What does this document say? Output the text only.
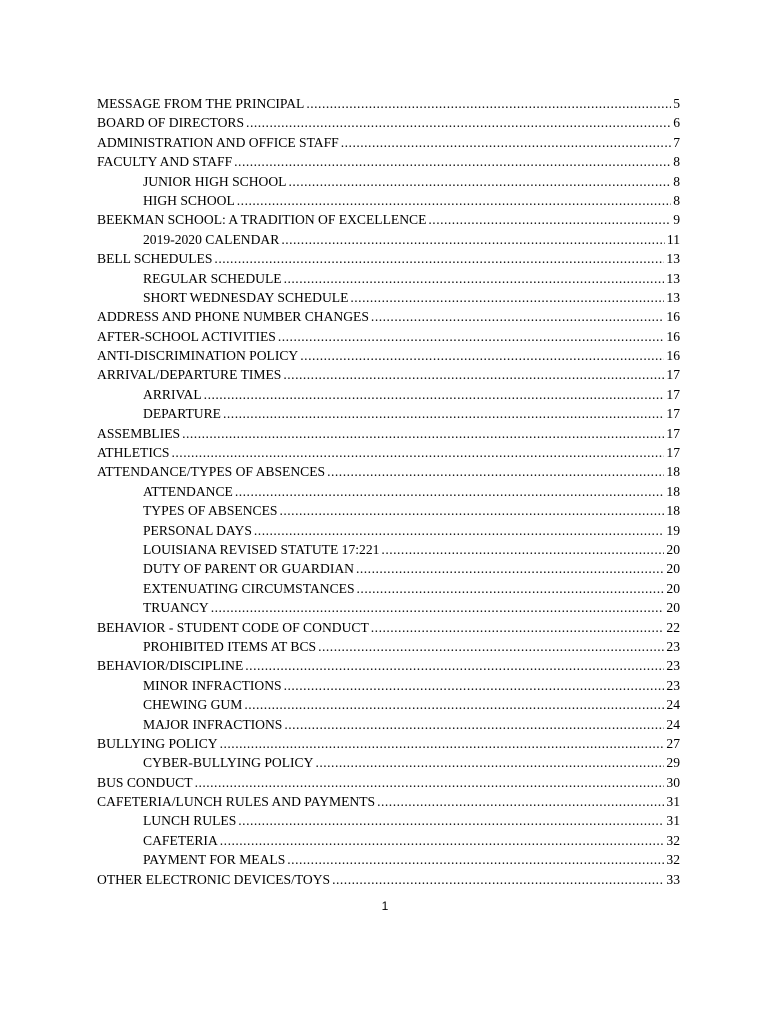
MESSAGE FROM THE PRINCIPAL .....	5
BOARD OF DIRECTORS .....	6
ADMINISTRATION AND OFFICE STAFF .....	7
FACULTY AND STAFF .....	8
JUNIOR HIGH SCHOOL .....	8
HIGH SCHOOL .....	8
BEEKMAN SCHOOL: A TRADITION OF EXCELLENCE .....	9
2019-2020 CALENDAR .....	11
BELL SCHEDULES .....	13
REGULAR SCHEDULE .....	13
SHORT WEDNESDAY SCHEDULE .....	13
ADDRESS AND PHONE NUMBER CHANGES .....	16
AFTER-SCHOOL ACTIVITIES .....	16
ANTI-DISCRIMINATION POLICY .....	16
ARRIVAL/DEPARTURE TIMES .....	17
ARRIVAL .....	17
DEPARTURE .....	17
ASSEMBLIES .....	17
ATHLETICS .....	17
ATTENDANCE/TYPES OF ABSENCES .....	18
ATTENDANCE .....	18
TYPES OF ABSENCES .....	18
PERSONAL DAYS .....	19
LOUISIANA REVISED STATUTE 17:221 .....	20
DUTY OF PARENT OR GUARDIAN .....	20
EXTENUATING CIRCUMSTANCES .....	20
TRUANCY .....	20
BEHAVIOR - STUDENT CODE OF CONDUCT .....	22
PROHIBITED ITEMS AT BCS .....	23
BEHAVIOR/DISCIPLINE .....	23
MINOR INFRACTIONS .....	23
CHEWING GUM .....	24
MAJOR INFRACTIONS .....	24
BULLYING POLICY .....	27
CYBER-BULLYING POLICY .....	29
BUS CONDUCT .....	30
CAFETERIA/LUNCH RULES AND PAYMENTS .....	31
LUNCH RULES .....	31
CAFETERIA .....	32
PAYMENT FOR MEALS .....	32
OTHER ELECTRONIC DEVICES/TOYS .....	33
1
